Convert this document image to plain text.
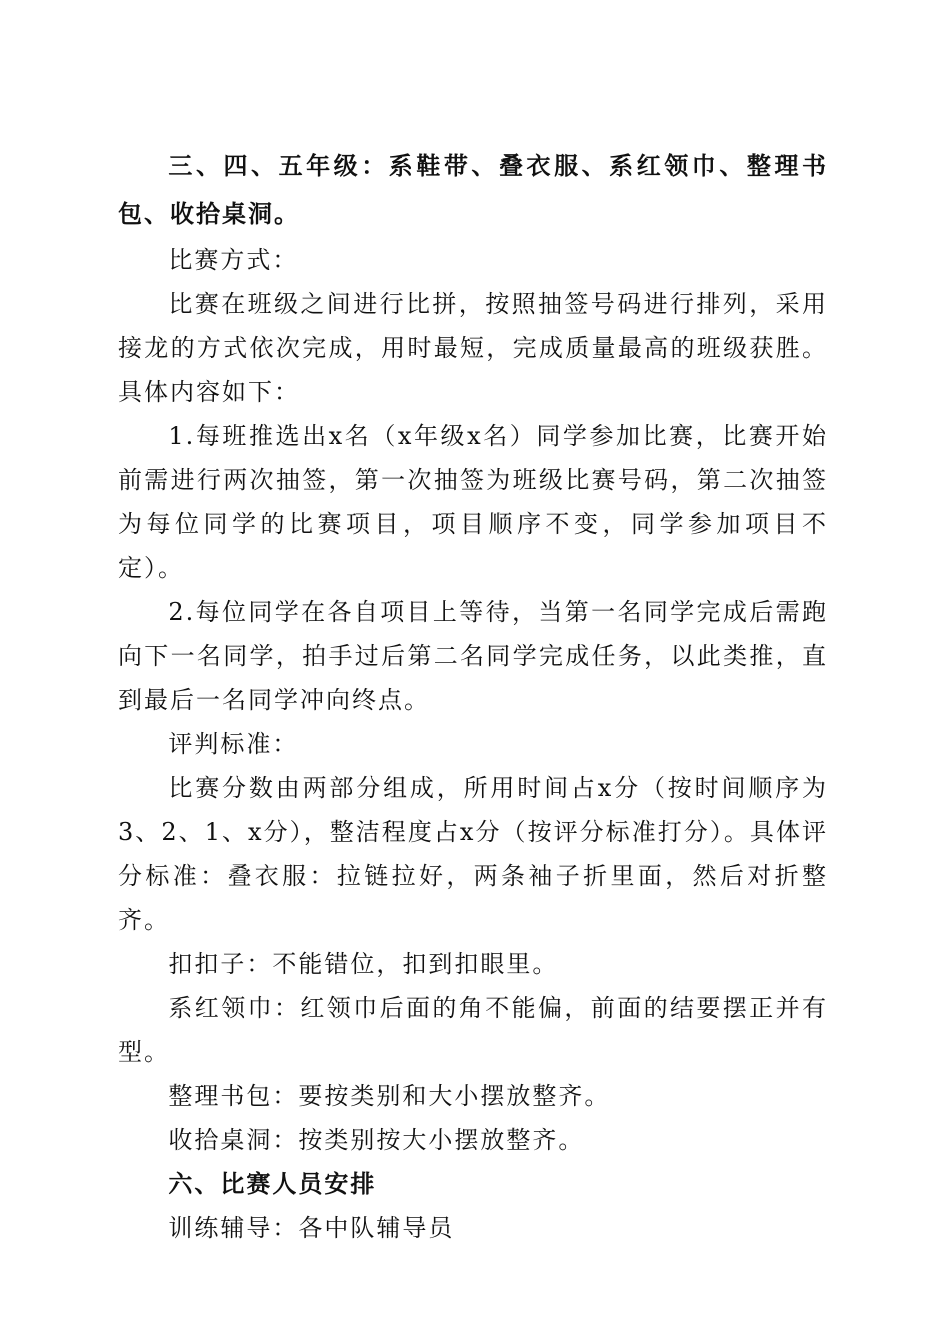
三、四、五年级：系鞋带、叠衣服、系红领巾、整理书包、收拾桌洞。

比赛方式：

比赛在班级之间进行比拼，按照抽签号码进行排列，采用接龙的方式依次完成，用时最短，完成质量最高的班级获胜。具体内容如下：

1.每班推选出x名（x年级x名）同学参加比赛，比赛开始前需进行两次抽签，第一次抽签为班级比赛号码，第二次抽签为每位同学的比赛项目，项目顺序不变，同学参加项目不定）。

2.每位同学在各自项目上等待，当第一名同学完成后需跑向下一名同学，拍手过后第二名同学完成任务，以此类推，直到最后一名同学冲向终点。

评判标准：

比赛分数由两部分组成，所用时间占x分（按时间顺序为3、2、1、x分），整洁程度占x分（按评分标准打分）。具体评分标准：叠衣服：拉链拉好，两条袖子折里面，然后对折整齐。

扣扣子：不能错位，扣到扣眼里。

系红领巾：红领巾后面的角不能偏，前面的结要摆正并有型。

整理书包：要按类别和大小摆放整齐。

收拾桌洞：按类别按大小摆放整齐。

六、比赛人员安排

训练辅导：各中队辅导员
